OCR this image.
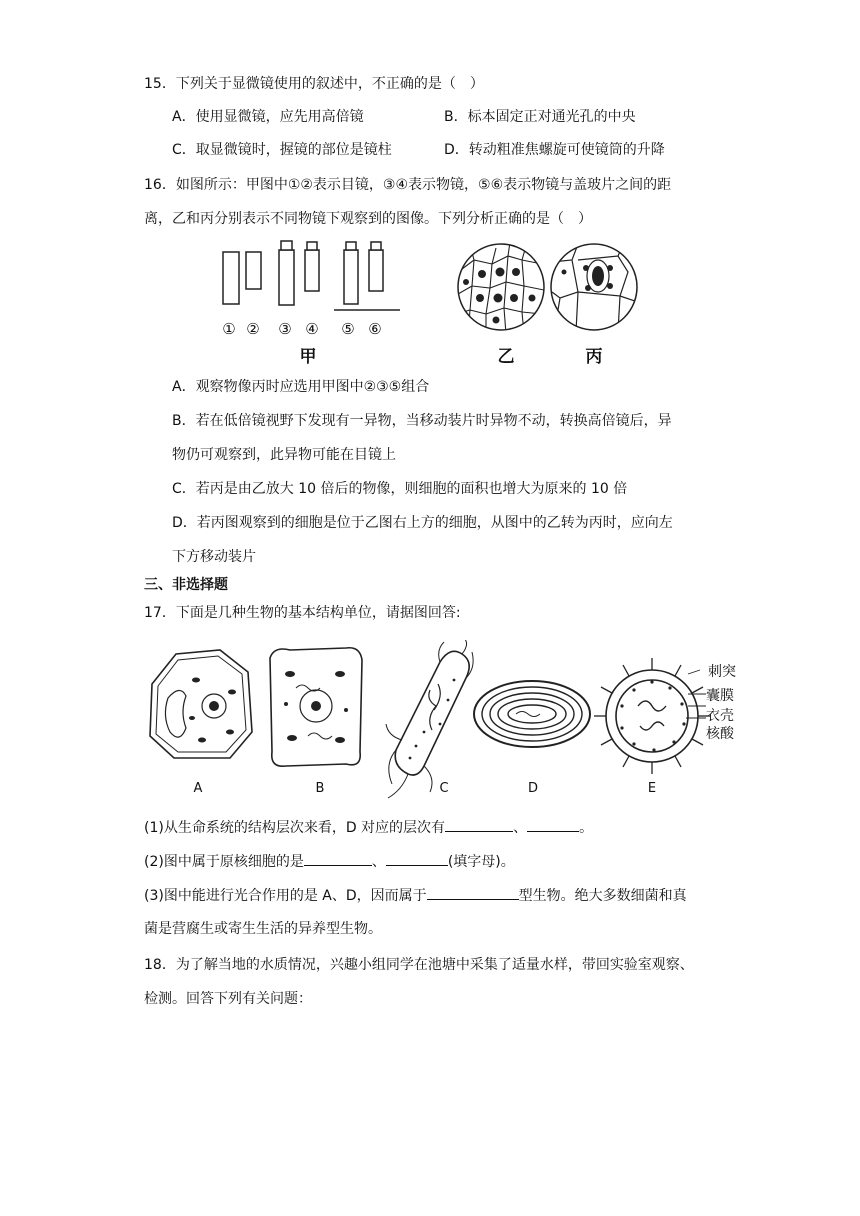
15．下列关于显微镜使用的叙述中，不正确的是（　）
A．使用显微镜，应先用高倍镜	B．标本固定正对通光孔的中央
C．取显微镜时，握镜的部位是镜柱	D．转动粗准焦螺旋可使镜筒的升降
16．如图所示：甲图中①②表示目镜，③④表示物镜，⑤⑥表示物镜与盖玻片之间的距
离，乙和丙分别表示不同物镜下观察到的图像。下列分析正确的是（　）
① ② ③ ④ ⑤ ⑥
甲	乙	丙
A．观察物像丙时应选用甲图中②③⑤组合
B．若在低倍镜视野下发现有一异物，当移动装片时异物不动，转换高倍镜后，异
物仍可观察到，此异物可能在目镜上
C．若丙是由乙放大 10 倍后的物像，则细胞的面积也增大为原来的 10 倍
D．若丙图观察到的细胞是位于乙图右上方的细胞，从图中的乙转为丙时，应向左
下方移动装片
三、非选择题
17．下面是几种生物的基本结构单位，请据图回答:
刺突
囊膜
衣壳
核酸
A	B	C	D	E
(1)从生命系统的结构层次来看，D 对应的层次有	、	。
(2)图中属于原核细胞的是	、	(填字母)。
(3)图中能进行光合作用的是 A、D，因而属于	型生物。绝大多数细菌和真
菌是营腐生或寄生生活的异养型生物。
18．为了解当地的水质情况，兴趣小组同学在池塘中采集了适量水样，带回实验室观察、
检测。回答下列有关问题：
